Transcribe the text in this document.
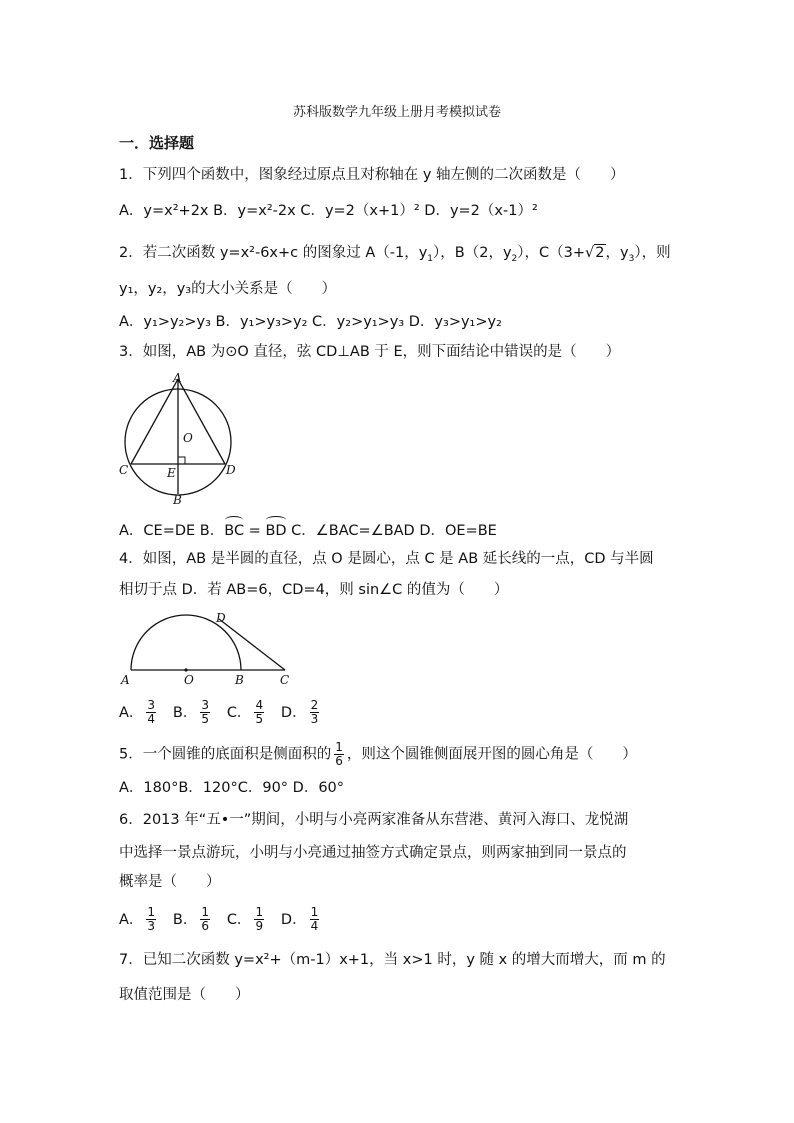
苏科版数学九年级上册月考模拟试卷
一．选择题
1．下列四个函数中，图象经过原点且对称轴在 y 轴左侧的二次函数是（　　）
A．y=x²+2x B．y=x²-2x C．y=2（x+1）² D．y=2（x-1）²
2．若二次函数 y=x²-6x+c 的图象过 A（-1，$y_1$），B（2，$y_2$），C（3+√2，$y_3$），则
y₁，y₂，y₃的大小关系是（　　）
A．y₁>y₂>y₃ B．y₁>y₃>y₂ C．y₂>y₁>y₃ D．y₃>y₁>y₂
3．如图，AB 为⊙O 直径，弦 CD⊥AB 于 E，则下面结论中错误的是（　　）
A
O
C	E	D
B
A．CE=DE B．BC = BD C．∠BAC=∠BAD D．OE=BE
4．如图，AB 是半圆的直径，点 O 是圆心，点 C 是 AB 延长线的一点，CD 与半圆
相切于点 D．若 AB=6，CD=4，则 sin∠C 的值为（　　）
A	O	B	C
D
A． $\frac{3}{4}$ B． $\frac{3}{5}$ C． $\frac{4}{5}$ D． $\frac{2}{3}$
5．一个圆锥的底面积是侧面积的 $\frac{1}{6}$ ，则这个圆锥侧面展开图的圆心角是（　　）
A．180°B．120°C．90° D．60°
6．2013 年“五•一”期间，小明与小亮两家准备从东营港、黄河入海口、龙悦湖
中选择一景点游玩，小明与小亮通过抽签方式确定景点，则两家抽到同一景点的
概率是（　　）
A． $\frac{1}{3}$ B． $\frac{1}{6}$ C． $\frac{1}{9}$ D． $\frac{1}{4}$
7．已知二次函数 y=x²+（m-1）x+1，当 x>1 时，y 随 x 的增大而增大，而 m 的
取值范围是（　　）
